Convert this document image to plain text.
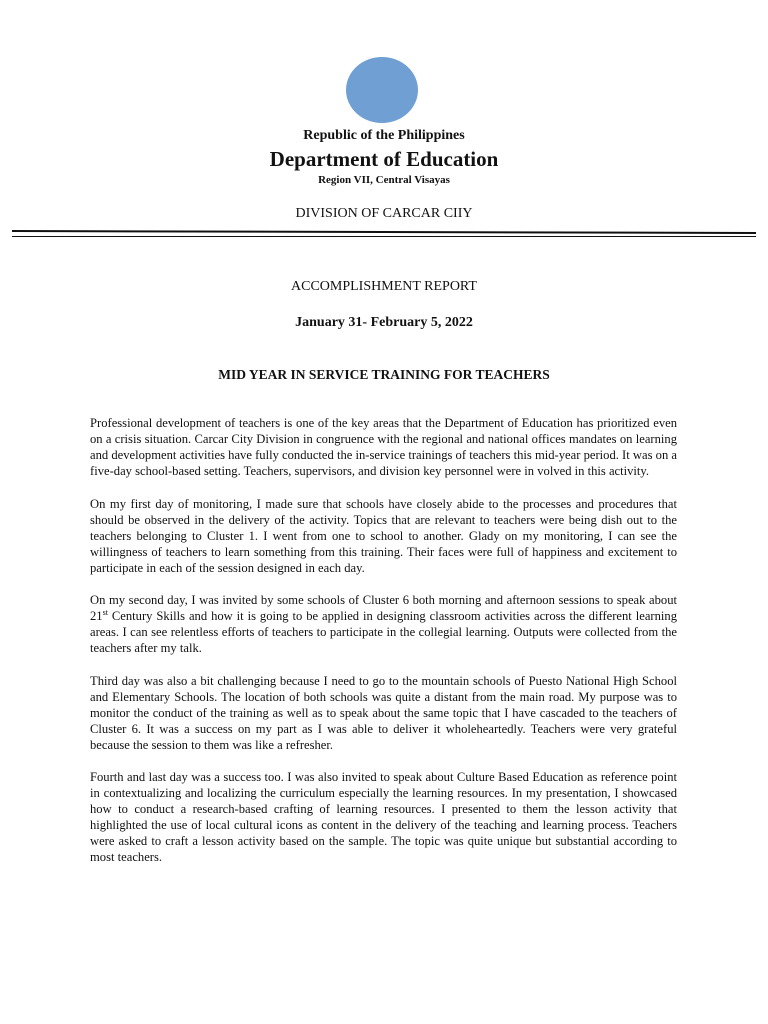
Republic of the Philippines
Department of Education
Region VII, Central Visayas
DIVISION OF CARCAR CIIY
ACCOMPLISHMENT REPORT
January 31- February 5, 2022
MID YEAR IN SERVICE TRAINING FOR TEACHERS

Professional development of teachers is one of the key areas that the Department of Education has prioritized even on a crisis situation. Carcar City Division in congruence with the regional and national offices mandates on learning and development activities have fully conducted the in-service trainings of teachers this mid-year period. It was on a five-day school-based setting. Teachers, supervisors, and division key personnel were in volved in this activity.

On my first day of monitoring, I made sure that schools have closely abide to the processes and procedures that should be observed in the delivery of the activity. Topics that are relevant to teachers were being dish out to the teachers belonging to Cluster 1. I went from one to school to another. Glady on my monitoring, I can see the willingness of teachers to learn something from this training. Their faces were full of happiness and excitement to participate in each of the session designed in each day.

On my second day, I was invited by some schools of Cluster 6 both morning and afternoon sessions to speak about 21st Century Skills and how it is going to be applied in designing classroom activities across the different learning areas. I can see relentless efforts of teachers to participate in the collegial learning. Outputs were collected from the teachers after my talk.

Third day was also a bit challenging because I need to go to the mountain schools of Puesto National High School and Elementary Schools. The location of both schools was quite a distant from the main road. My purpose was to monitor the conduct of the training as well as to speak about the same topic that I have cascaded to the teachers of Cluster 6. It was a success on my part as I was able to deliver it wholeheartedly. Teachers were very grateful because the session to them was like a refresher.

Fourth and last day was a success too. I was also invited to speak about Culture Based Education as reference point in contextualizing and localizing the curriculum especially the learning resources. In my presentation, I showcased how to conduct a research-based crafting of learning resources. I presented to them the lesson activity that highlighted the use of local cultural icons as content in the delivery of the teaching and learning process. Teachers were asked to craft a lesson activity based on the sample. The topic was quite unique but substantial according to most teachers.
